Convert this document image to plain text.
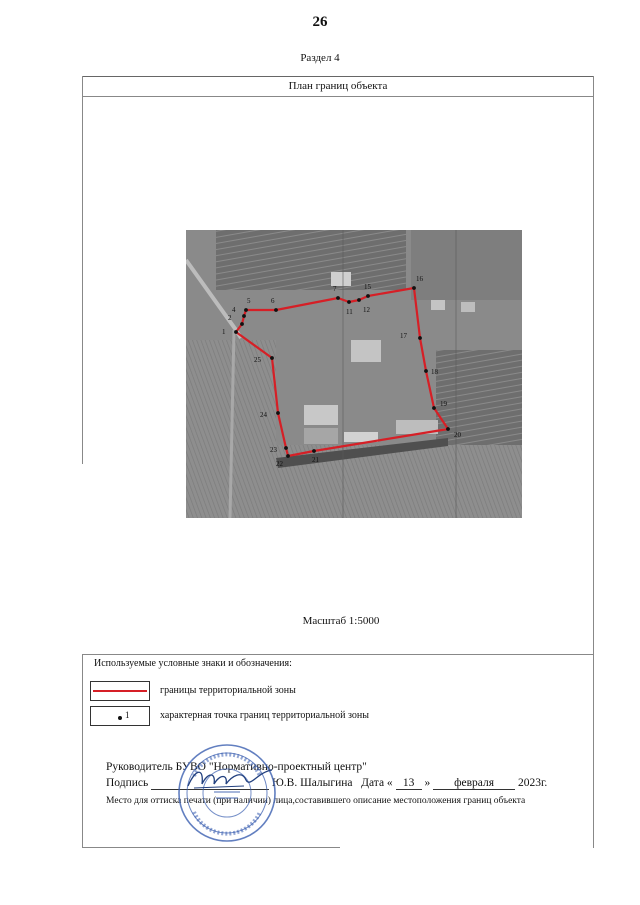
26
Раздел 4
План границ объекта
1
2
4
5	6
7
11 12
15
16
17
18
19
20
21
22
23
24
25
Масштаб 1:5000
Используемые условные знаки и обозначения:
границы территориальной зоны
1	характерная точка границ территориальной зоны
Руководитель БУВО "Нормативно-проектный центр"
Подпись	Ю.В. Шалыгина Дата « 13 » февраля 2023г.
Место для оттиска печати (при наличии) лица,составившего описание местоположения границ объекта
